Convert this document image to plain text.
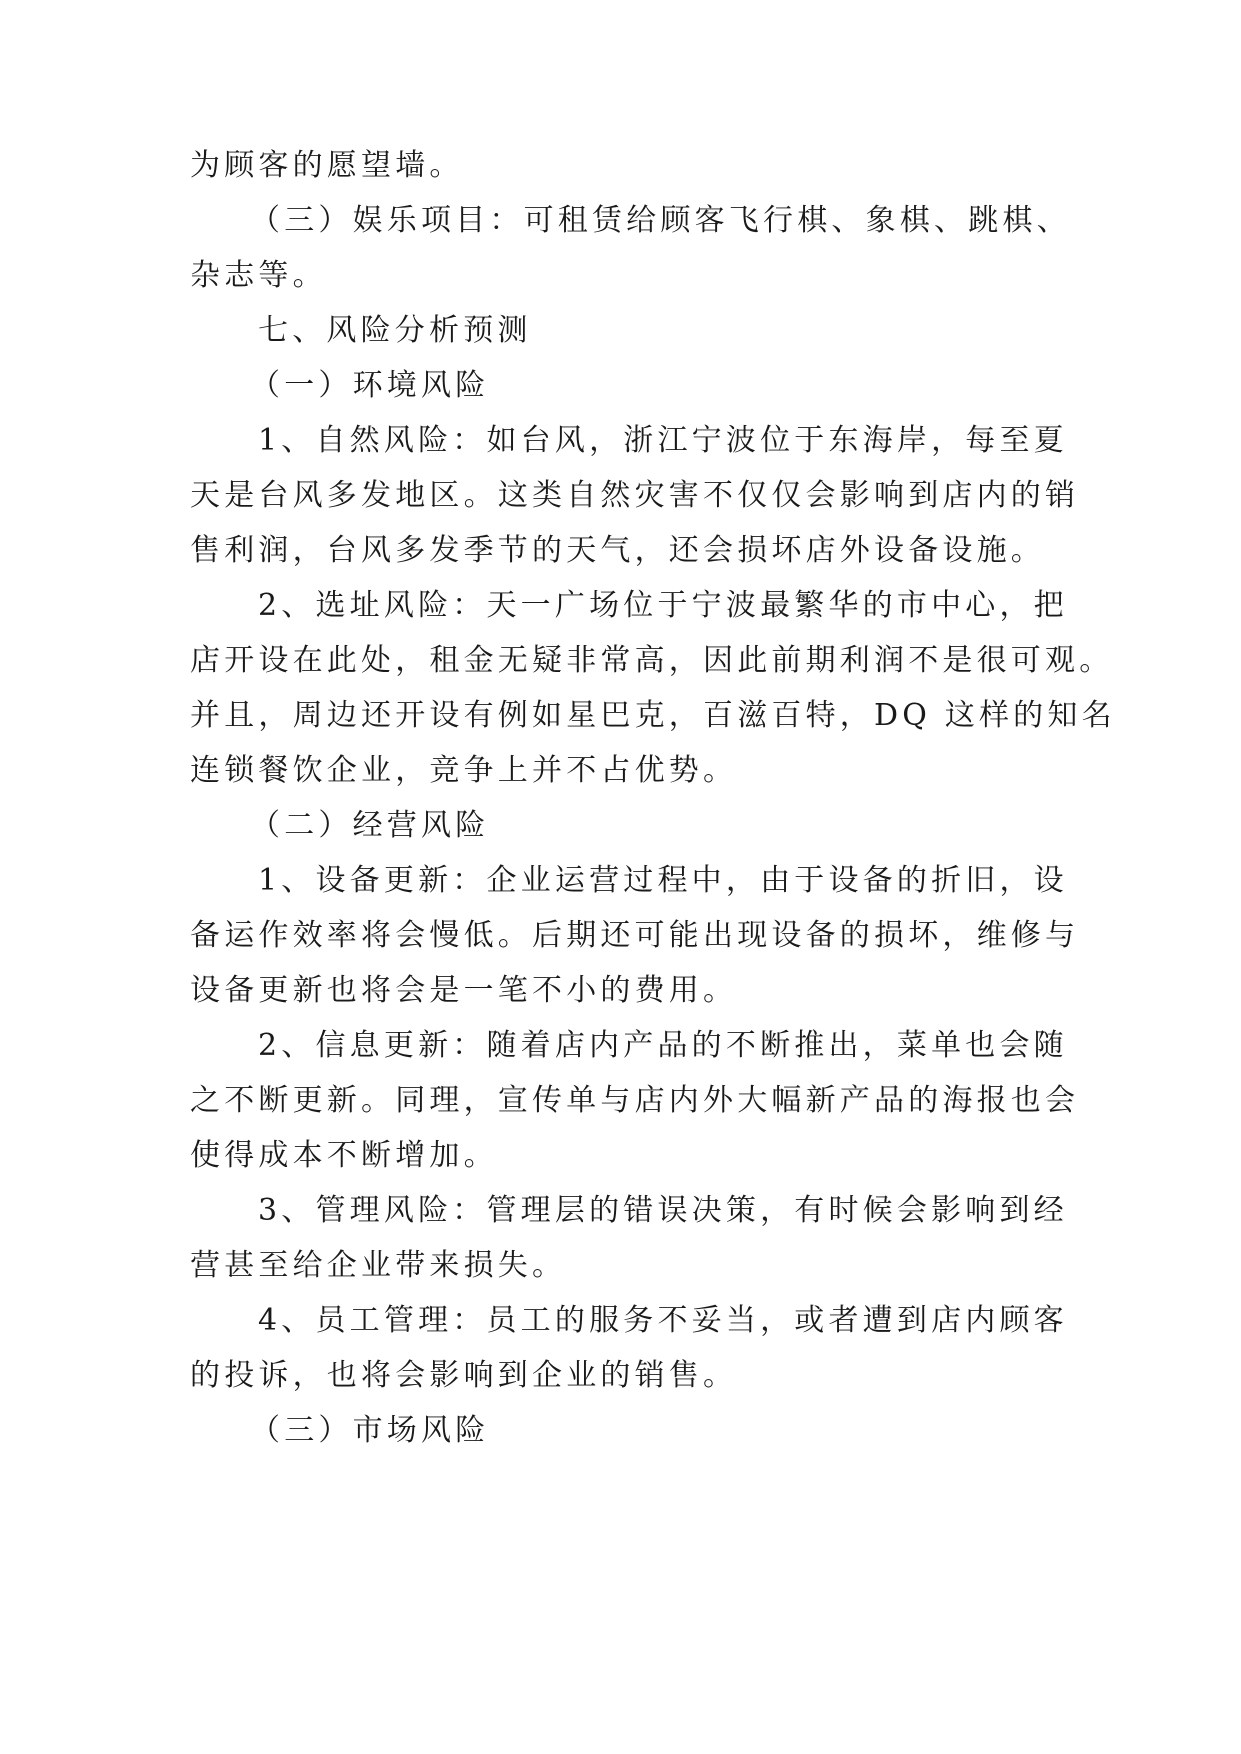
为顾客的愿望墙。
（三）娱乐项目：可租赁给顾客飞行棋、象棋、跳棋、
杂志等。
七、风险分析预测
（一）环境风险
1、自然风险：如台风，浙江宁波位于东海岸，每至夏
天是台风多发地区。这类自然灾害不仅仅会影响到店内的销
售利润，台风多发季节的天气，还会损坏店外设备设施。
2、选址风险：天一广场位于宁波最繁华的市中心，把
店开设在此处，租金无疑非常高，因此前期利润不是很可观。
并且，周边还开设有例如星巴克，百滋百特，DQ 这样的知名
连锁餐饮企业，竞争上并不占优势。
（二）经营风险
1、设备更新：企业运营过程中，由于设备的折旧，设
备运作效率将会慢低。后期还可能出现设备的损坏，维修与
设备更新也将会是一笔不小的费用。
2、信息更新：随着店内产品的不断推出，菜单也会随
之不断更新。同理，宣传单与店内外大幅新产品的海报也会
使得成本不断增加。
3、管理风险：管理层的错误决策，有时候会影响到经
营甚至给企业带来损失。
4、员工管理：员工的服务不妥当，或者遭到店内顾客
的投诉，也将会影响到企业的销售。
（三）市场风险
